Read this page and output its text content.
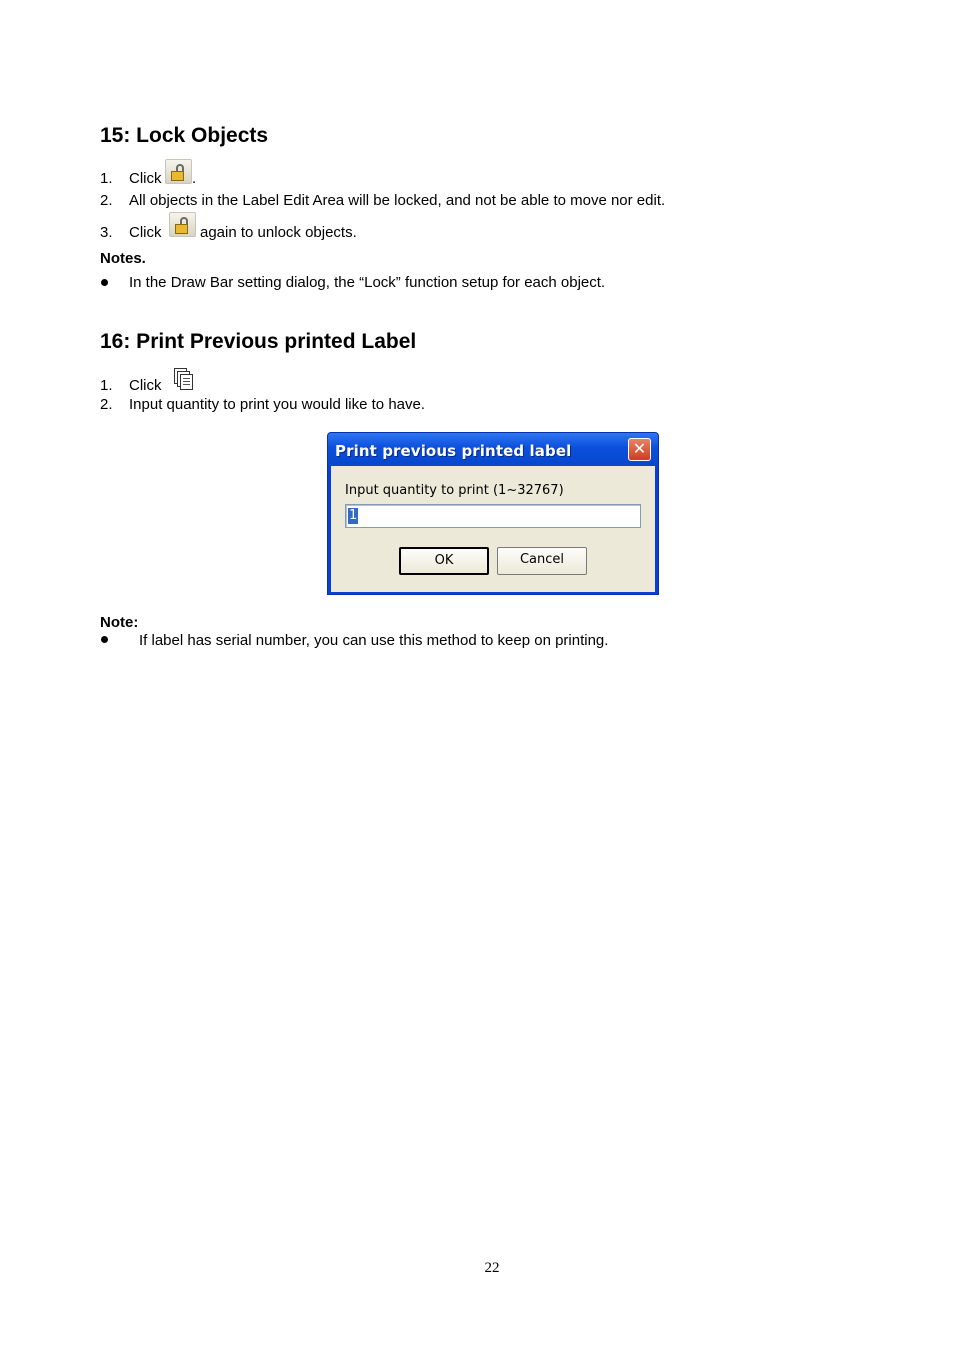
15: Lock Objects
1. Click .
2. All objects in the Label Edit Area will be locked, and not be able to move nor edit.
3. Click	again to unlock objects.
Notes.
In the Draw Bar setting dialog, the “Lock” function setup for each object.
16: Print Previous printed Label
1. Click
2. Input quantity to print you would like to have.
Print previous printed label	✕
Input quantity to print (1~32767)
1
OK	Cancel
Note:
If label has serial number, you can use this method to keep on printing.
22
